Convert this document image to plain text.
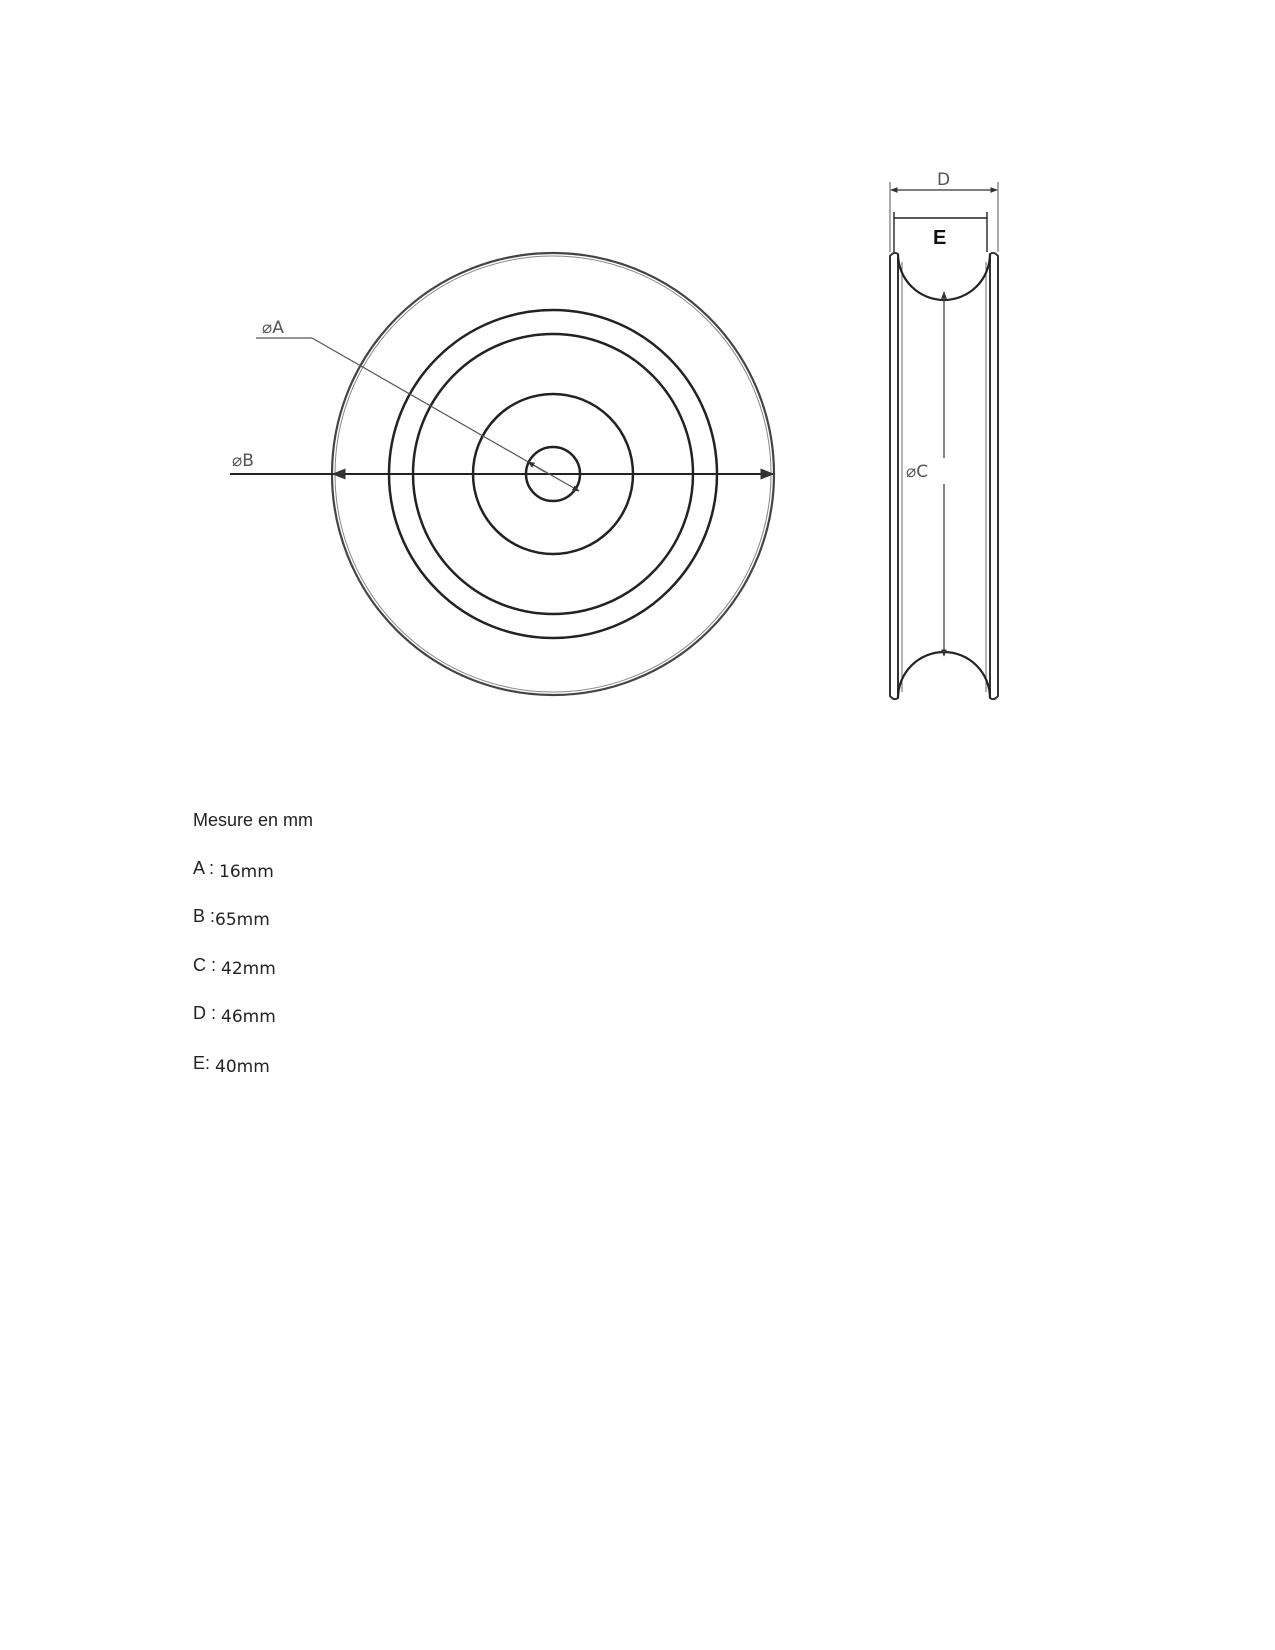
⌀B
⌀A
D
E
⌀C
Mesure en mm
A : 16mm
B :65mm
C : 42mm
D : 46mm
E: 40mm
